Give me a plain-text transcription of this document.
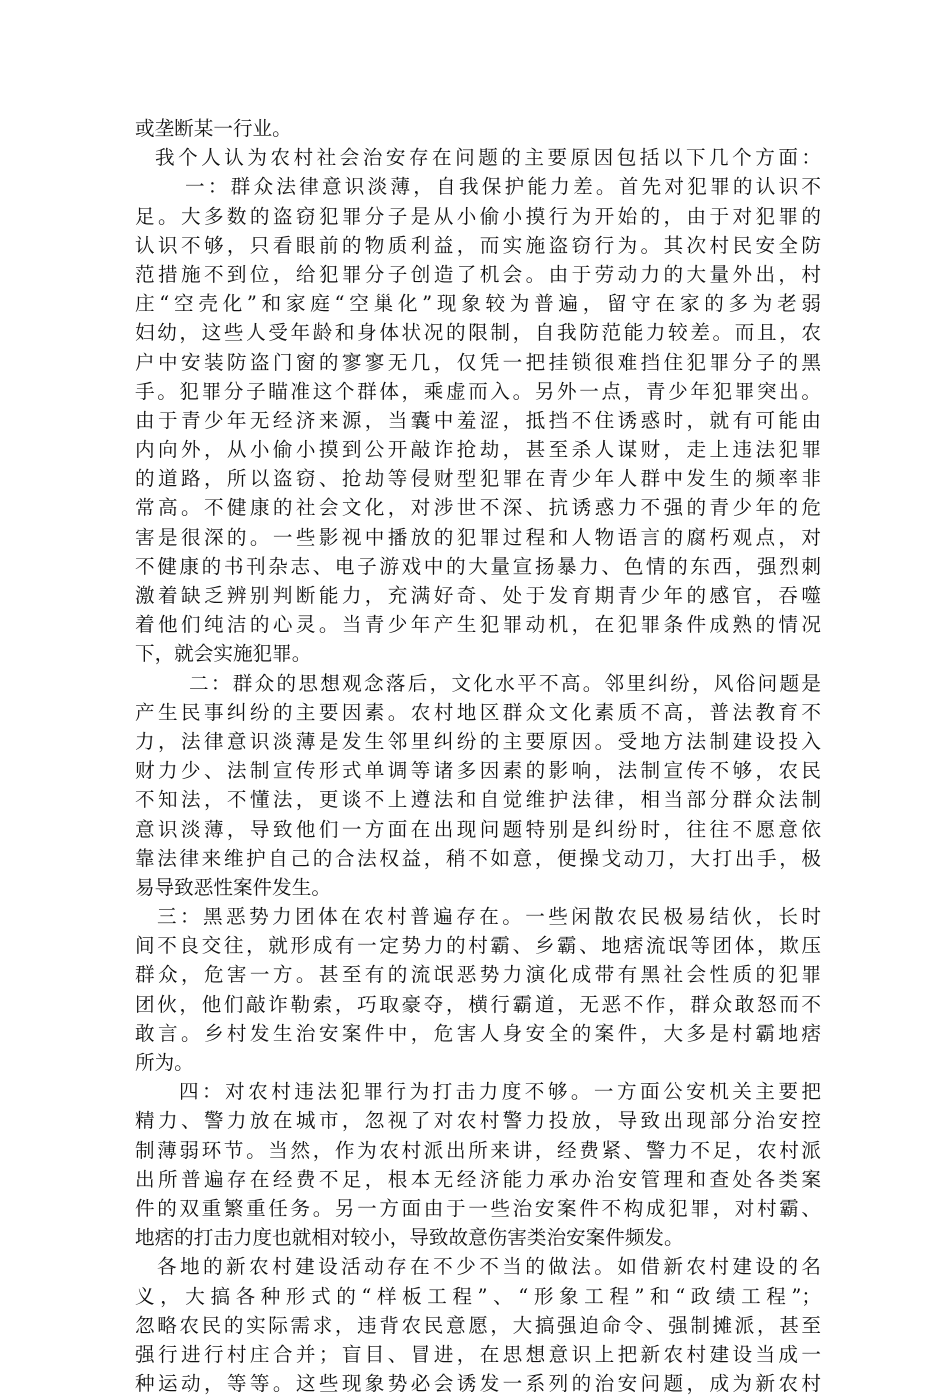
或垄断某一行业。
我个人认为农村社会治安存在问题的主要原因包括以下几个方面：
一：群众法律意识淡薄，自我保护能力差。首先对犯罪的认识不
足。大多数的盗窃犯罪分子是从小偷小摸行为开始的，由于对犯罪的
认识不够，只看眼前的物质利益，而实施盗窃行为。其次村民安全防
范措施不到位，给犯罪分子创造了机会。由于劳动力的大量外出，村
庄“空壳化”和家庭“空巢化”现象较为普遍，留守在家的多为老弱
妇幼，这些人受年龄和身体状况的限制，自我防范能力较差。而且，农
户中安装防盗门窗的寥寥无几，仅凭一把挂锁很难挡住犯罪分子的黑
手。犯罪分子瞄准这个群体，乘虚而入。另外一点，青少年犯罪突出。
由于青少年无经济来源，当囊中羞涩，抵挡不住诱惑时，就有可能由
内向外，从小偷小摸到公开敲诈抢劫，甚至杀人谋财，走上违法犯罪
的道路，所以盗窃、抢劫等侵财型犯罪在青少年人群中发生的频率非
常高。不健康的社会文化，对涉世不深、抗诱惑力不强的青少年的危
害是很深的。一些影视中播放的犯罪过程和人物语言的腐朽观点，对
不健康的书刊杂志、电子游戏中的大量宣扬暴力、色情的东西，强烈刺
激着缺乏辨别判断能力，充满好奇、处于发育期青少年的感官，吞噬
着他们纯洁的心灵。当青少年产生犯罪动机，在犯罪条件成熟的情况
下，就会实施犯罪。
二：群众的思想观念落后，文化水平不高。邻里纠纷，风俗问题是
产生民事纠纷的主要因素。农村地区群众文化素质不高，普法教育不
力，法律意识淡薄是发生邻里纠纷的主要原因。受地方法制建设投入
财力少、法制宣传形式单调等诸多因素的影响，法制宣传不够，农民
不知法，不懂法，更谈不上遵法和自觉维护法律，相当部分群众法制
意识淡薄，导致他们一方面在出现问题特别是纠纷时，往往不愿意依
靠法律来维护自己的合法权益，稍不如意，便操戈动刀，大打出手，极
易导致恶性案件发生。
三：黑恶势力团体在农村普遍存在。一些闲散农民极易结伙，长时
间不良交往，就形成有一定势力的村霸、乡霸、地痞流氓等团体，欺压
群众，危害一方。甚至有的流氓恶势力演化成带有黑社会性质的犯罪
团伙，他们敲诈勒索，巧取豪夺，横行霸道，无恶不作，群众敢怒而不
敢言。乡村发生治安案件中，危害人身安全的案件，大多是村霸地痞
所为。
四：对农村违法犯罪行为打击力度不够。一方面公安机关主要把
精力、警力放在城市，忽视了对农村警力投放，导致出现部分治安控
制薄弱环节。当然，作为农村派出所来讲，经费紧、警力不足，农村派
出所普遍存在经费不足，根本无经济能力承办治安管理和查处各类案
件的双重繁重任务。另一方面由于一些治安案件不构成犯罪，对村霸、
地痞的打击力度也就相对较小，导致故意伤害类治安案件频发。
各地的新农村建设活动存在不少不当的做法。如借新农村建设的名
义，大搞各种形式的“样板工程”、“形象工程”和“政绩工程”；
忽略农民的实际需求，违背农民意愿，大搞强迫命令、强制摊派，甚至
强行进行村庄合并；盲目、冒进，在思想意识上把新农村建设当成一
种运动，等等。这些现象势必会诱发一系列的治安问题，成为新农村
